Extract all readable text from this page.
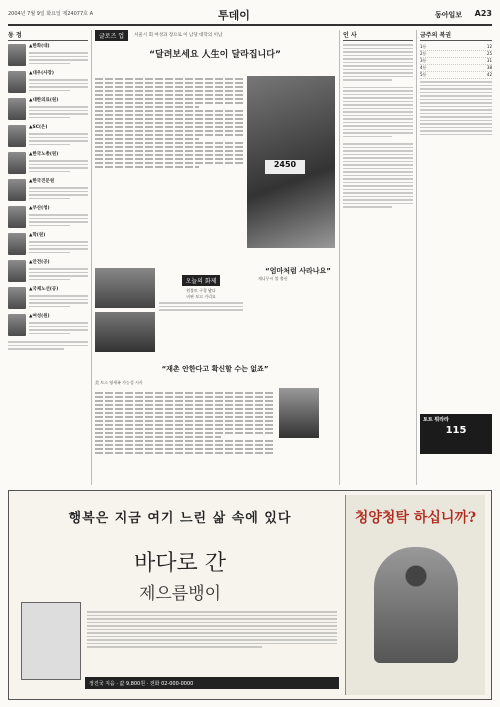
2004년 7월 9일 화요일 제24077호 A	투데이	동아일보 A23
동 정
▲한화(대)
▲대우(사장)
▲대한의료(원)
▲SC(은)
▲한국노총(원)
▲한국진문원
▲부산(청)
▲학(원)
▲안전(공)
▲국제노선(공)
▲여성(원)
글로즈 업	서울시 회 여성과 장으로 이 남당 대학의 이남
“달려보세요 人生이 달라집니다”
2450
오늘의 화제
원볼트 구경 봤다
비판 보고 거리요
“재촌 안한다고 확신할 수는 없죠”
美 토스 영세족 가능성 시사
인 사
“엄마처럼 사라나요”
재나무시 볼 출산
금주의 복권
1등	12
2등	25
3등	31
4등	38
5등	42
토트 뭐라라
115
행복은 지금 여기 느린 삶 속에 있다
바다로 간
제으름뱅이
정진국 지음 · 값 9,800원 · 전화 02-000-0000
청양청탁 하십니까?
